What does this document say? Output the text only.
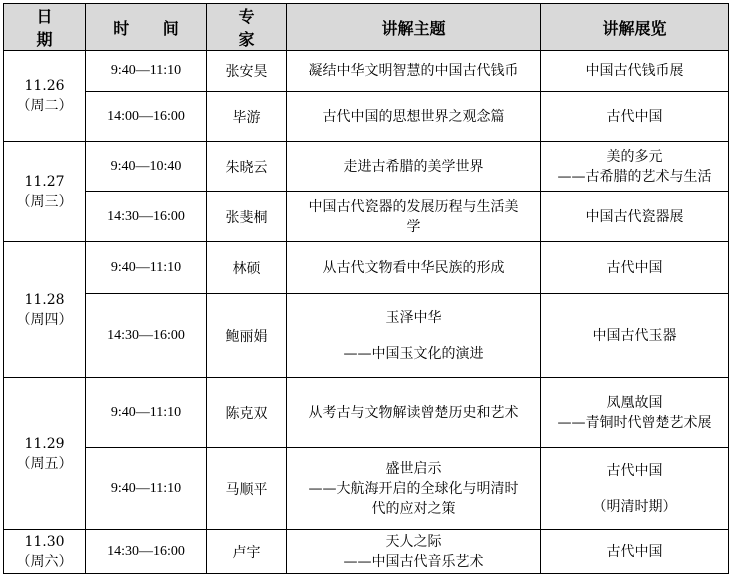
日 期	时 间	专 家	讲解主题	讲解展览

11.26
（周二）	9:40—11:10	张安昊	凝结中华文明智慧的中国古代钱币	中国古代钱币展

	14:00—16:00	毕游	古代中国的思想世界之观念篇	古代中国

11.27
（周三）	9:40—10:40	朱晓云	走进古希腊的美学世界	美的多元
——古希腊的艺术与生活

	14:30—16:00	张斐桐	中国古代瓷器的发展历程与生活美
学	中国古代瓷器展

11.28
（周四）	9:40—11:10	林硕	从古代文物看中华民族的形成	古代中国

	14:30—16:00	鲍丽娟	玉泽中华
——中国玉文化的演进	中国古代玉器

11.29
（周五）	9:40—11:10	陈克双	从考古与文物解读曾楚历史和艺术	凤凰故国
——青铜时代曾楚艺术展

	9:40—11:10	马顺平	盛世启示
——大航海开启的全球化与明清时
代的应对之策	古代中国
（明清时期）

11.30
（周六）	14:30—16:00	卢宇	天人之际
——中国古代音乐艺术	古代中国
